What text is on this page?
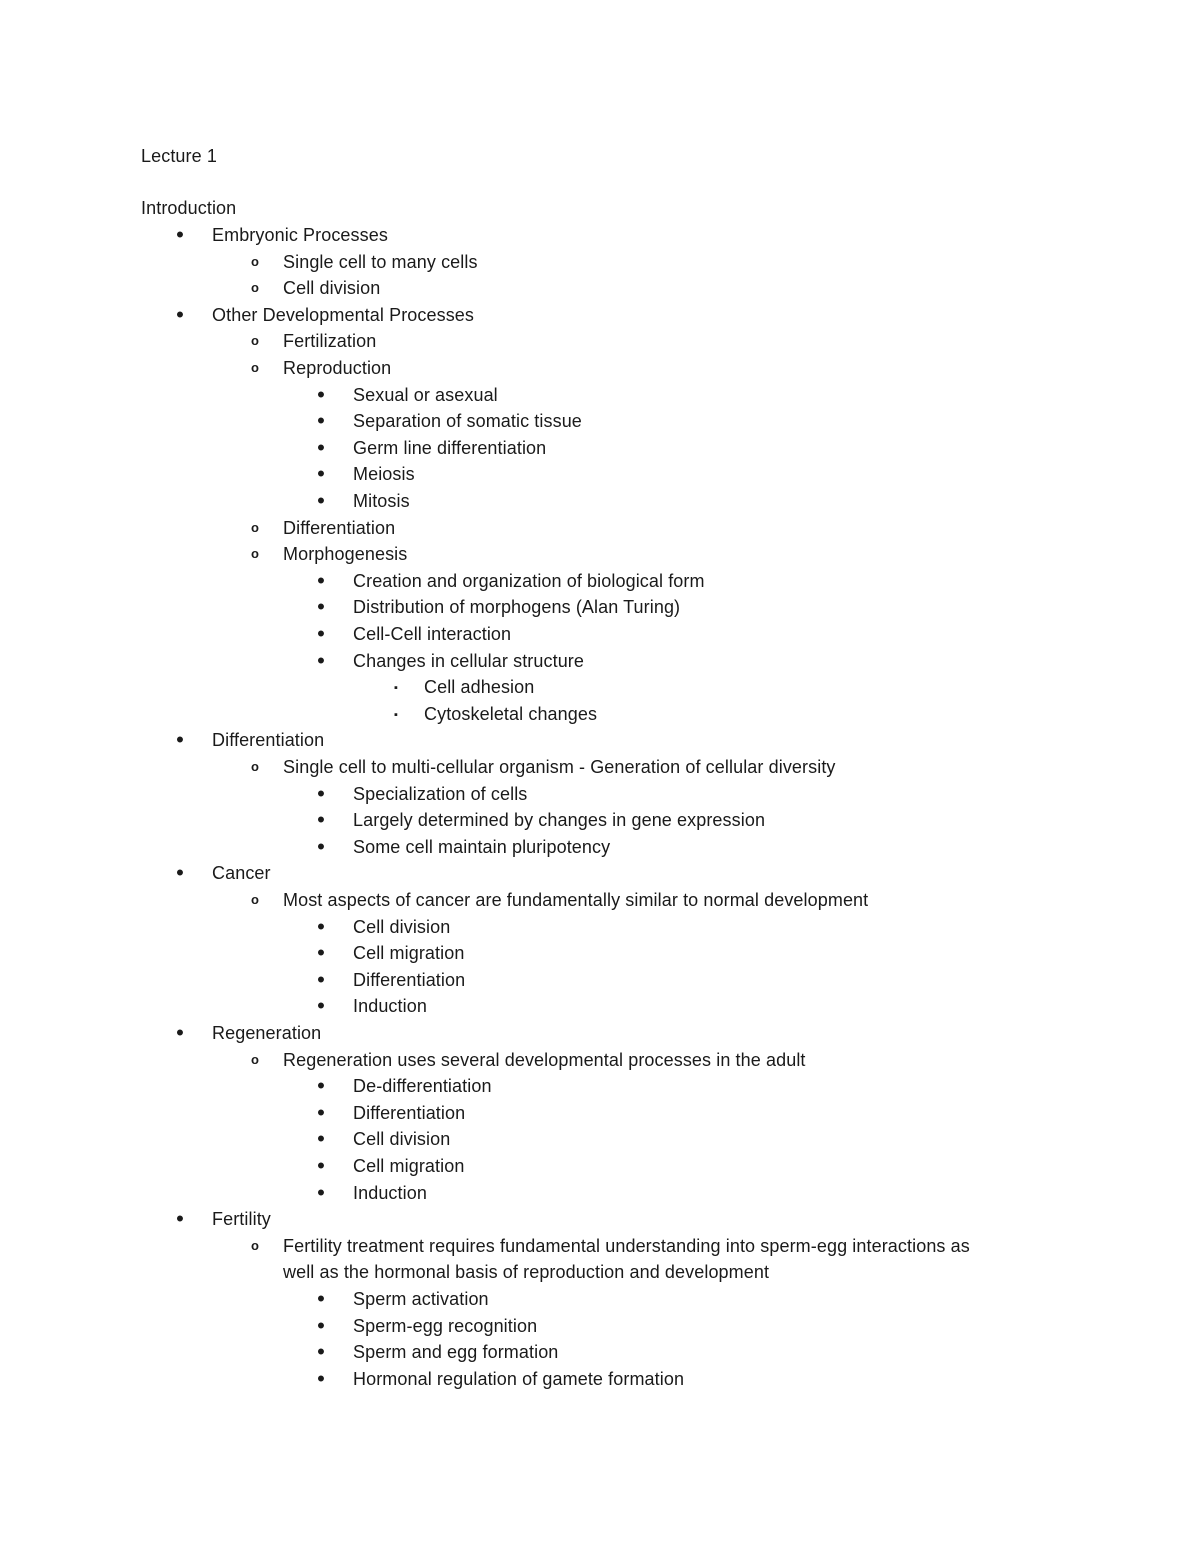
Lecture 1
Introduction
•	Embryonic Processes
o	Single cell to many cells
o	Cell division
•	Other Developmental Processes
o	Fertilization
o	Reproduction
•	Sexual or asexual
•	Separation of somatic tissue
•	Germ line differentiation
•	Meiosis
•	Mitosis
o	Differentiation
o	Morphogenesis
•	Creation and organization of biological form
•	Distribution of morphogens (Alan Turing)
•	Cell-Cell interaction
•	Changes in cellular structure
▪	Cell adhesion
▪	Cytoskeletal changes
•	Differentiation
o	Single cell to multi-cellular organism - Generation of cellular diversity
•	Specialization of cells
•	Largely determined by changes in gene expression
•	Some cell maintain pluripotency
•	Cancer
o	Most aspects of cancer are fundamentally similar to normal development
•	Cell division
•	Cell migration
•	Differentiation
•	Induction
•	Regeneration
o	Regeneration uses several developmental processes in the adult
•	De-differentiation
•	Differentiation
•	Cell division
•	Cell migration
•	Induction
•	Fertility
o	Fertility treatment requires fundamental understanding into sperm-egg interactions as
well as the hormonal basis of reproduction and development
•	Sperm activation
•	Sperm-egg recognition
•	Sperm and egg formation
•	Hormonal regulation of gamete formation
